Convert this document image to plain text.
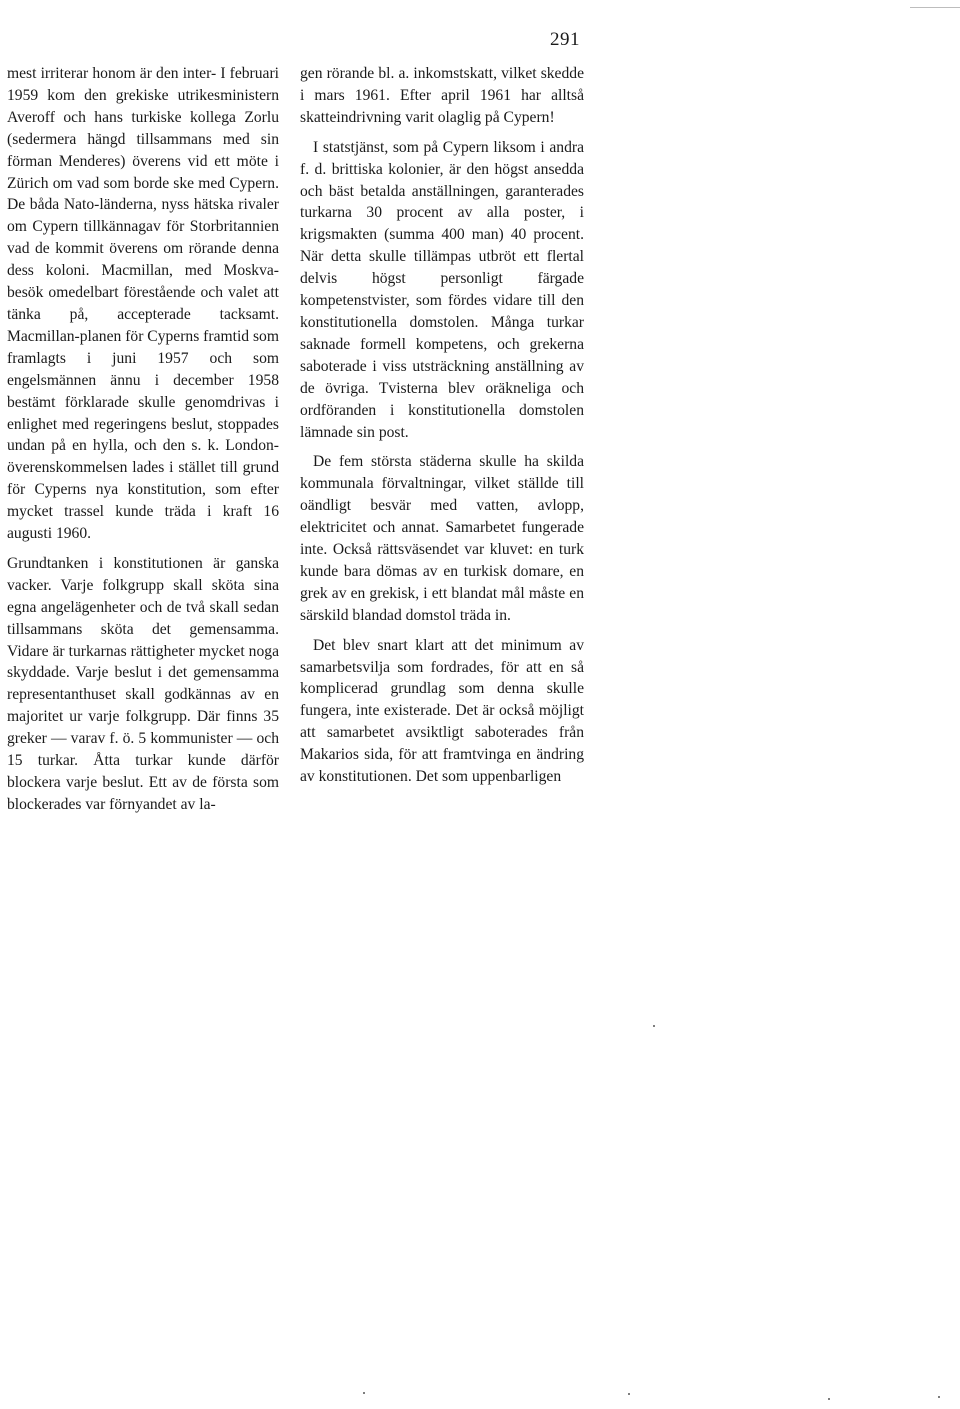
291

mest irriterar honom är den inter- I februari 1959 kom den grekiske utrikesministern Averoff och hans turkiske kollega Zorlu (sedermera hängd tillsammans med sin förman Menderes) överens vid ett möte i Zürich om vad som borde ske med Cypern. De båda Nato-länderna, nyss hätska rivaler om Cypern tillkännagav för Storbritannien vad de kommit överens om rörande denna dess koloni. Macmillan, med Moskva-besök omedelbart förestående och valet att tänka på, accepterade tacksamt. Macmillan-planen för Cyperns framtid som framlagts i juni 1957 och som engelsmännen ännu i december 1958 bestämt förklarade skulle genomdrivas i enlighet med regeringens beslut, stoppades undan på en hylla, och den s. k. London-överenskommelsen lades i stället till grund för Cyperns nya konstitution, som efter mycket trassel kunde träda i kraft 16 augusti 1960.

Grundtanken i konstitutionen är ganska vacker. Varje folkgrupp skall sköta sina egna angelägenheter och de två skall sedan tillsammans sköta det gemensamma. Vidare är turkarnas rättigheter mycket noga skyddade. Varje beslut i det gemensamma representanthuset skall godkännas av en majoritet ur varje folkgrupp. Där finns 35 greker — varav f. ö. 5 kommunister — och 15 turkar. Åtta turkar kunde därför blockera varje beslut. Ett av de första som blockerades var förnyandet av la-

gen rörande bl. a. inkomstskatt, vilket skedde i mars 1961. Efter april 1961 har alltså skatteindrivning varit olaglig på Cypern!

I statstjänst, som på Cypern liksom i andra f. d. brittiska kolonier, är den högst ansedda och bäst betalda anställningen, garanterades turkarna 30 procent av alla poster, i krigsmakten (summa 400 man) 40 procent. När detta skulle tillämpas utbröt ett flertal delvis högst personligt färgade kompetenstvister, som fördes vidare till den konstitutionella domstolen. Många turkar saknade formell kompetens, och grekerna saboterade i viss utsträckning anställning av de övriga. Tvisterna blev oräkneliga och ordföranden i konstitutionella domstolen lämnade sin post.

De fem största städerna skulle ha skilda kommunala förvaltningar, vilket ställde till oändligt besvär med vatten, avlopp, elektricitet och annat. Samarbetet fungerade inte. Också rättsväsendet var kluvet: en turk kunde bara dömas av en turkisk domare, en grek av en grekisk, i ett blandat mål måste en särskild blandad domstol träda in.

Det blev snart klart att det minimum av samarbetsvilja som fordrades, för att en så komplicerad grundlag som denna skulle fungera, inte existerade. Det är också möjligt att samarbetet avsiktligt saboterades från Makarios sida, för att framtvinga en ändring av konstitutionen. Det som uppenbarligen
